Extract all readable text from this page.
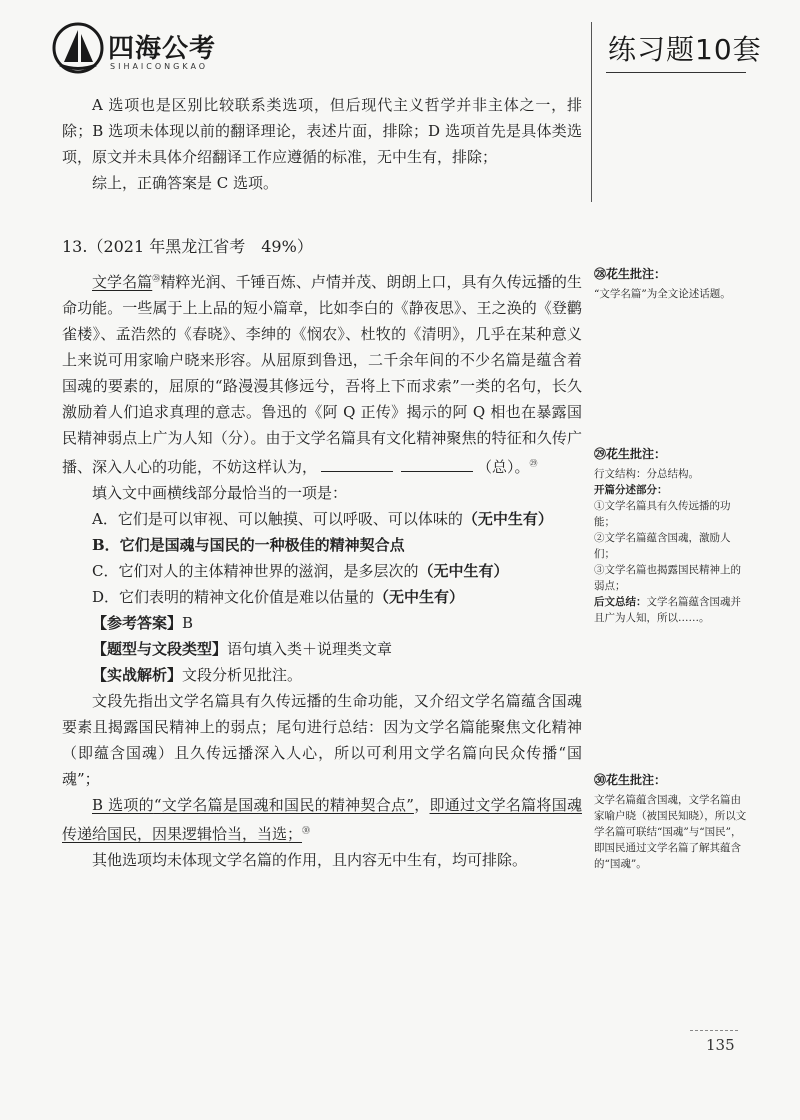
四海公考
SIHAICONGKAO
练习题10套

A 选项也是区别比较联系类选项，但后现代主义哲学并非主体之一，排除；B 选项未体现以前的翻译理论，表述片面，排除；D 选项首先是具体类选项，原文并未具体介绍翻译工作应遵循的标准，无中生有，排除；

综上，正确答案是 C 选项。

13.（2021 年黑龙江省考　49%）

文学名篇$^㉘$精粹光润、千锤百炼、卢情并茂、朗朗上口，具有久传远播的生命功能。一些属于上上品的短小篇章，比如李白的《静夜思》、王之涣的《登鹳雀楼》、孟浩然的《春晓》、李绅的《悯农》、杜牧的《清明》，几乎在某种意义上来说可用家喻户晓来形容。从屈原到鲁迅，二千余年间的不少名篇是蕴含着国魂的要素的，屈原的“路漫漫其修远兮，吾将上下而求索”一类的名句，长久激励着人们追求真理的意志。鲁迅的《阿 Q 正传》揭示的阿 Q 相也在暴露国民精神弱点上广为人知（分）。由于文学名篇具有文化精神聚焦的特征和久传广播、深入人心的功能，不妨这样认为，	（总）。$^㉙$

填入文中画横线部分最恰当的一项是：

A．它们是可以审视、可以触摸、可以呼吸、可以体味的（无中生有）

B．它们是国魂与国民的一种极佳的精神契合点

C．它们对人的主体精神世界的滋润，是多层次的（无中生有）

D．它们表明的精神文化价值是难以估量的（无中生有）

【参考答案】B

【题型与文段类型】语句填入类＋说理类文章

【实战解析】文段分析见批注。

文段先指出文学名篇具有久传远播的生命功能，又介绍文学名篇蕴含国魂要素且揭露国民精神上的弱点；尾句进行总结：因为文学名篇能聚焦文化精神（即蕴含国魂）且久传远播深入人心，所以可利用文学名篇向民众传播“国魂”；

B 选项的“文学名篇是国魂和国民的精神契合点”，即通过文学名篇将国魂传递给国民，因果逻辑恰当，当选；$^㉚$

其他选项均未体现文学名篇的作用，且内容无中生有，均可排除。

㉘花生批注：

“文学名篇”为全文论述话题。

㉙花生批注：

行文结构：分总结构。

开篇分述部分：

①文学名篇具有久传远播的功能；

②文学名篇蕴含国魂，激励人们；

③文学名篇也揭露国民精神上的弱点；

后文总结：文学名篇蕴含国魂并且广为人知，所以……。

㉚花生批注：

文学名篇蕴含国魂，文学名篇由家喻户晓（被国民知晓），所以文学名篇可联结“国魂”与“国民”，即国民通过文学名篇了解其蕴含的“国魂”。

135
